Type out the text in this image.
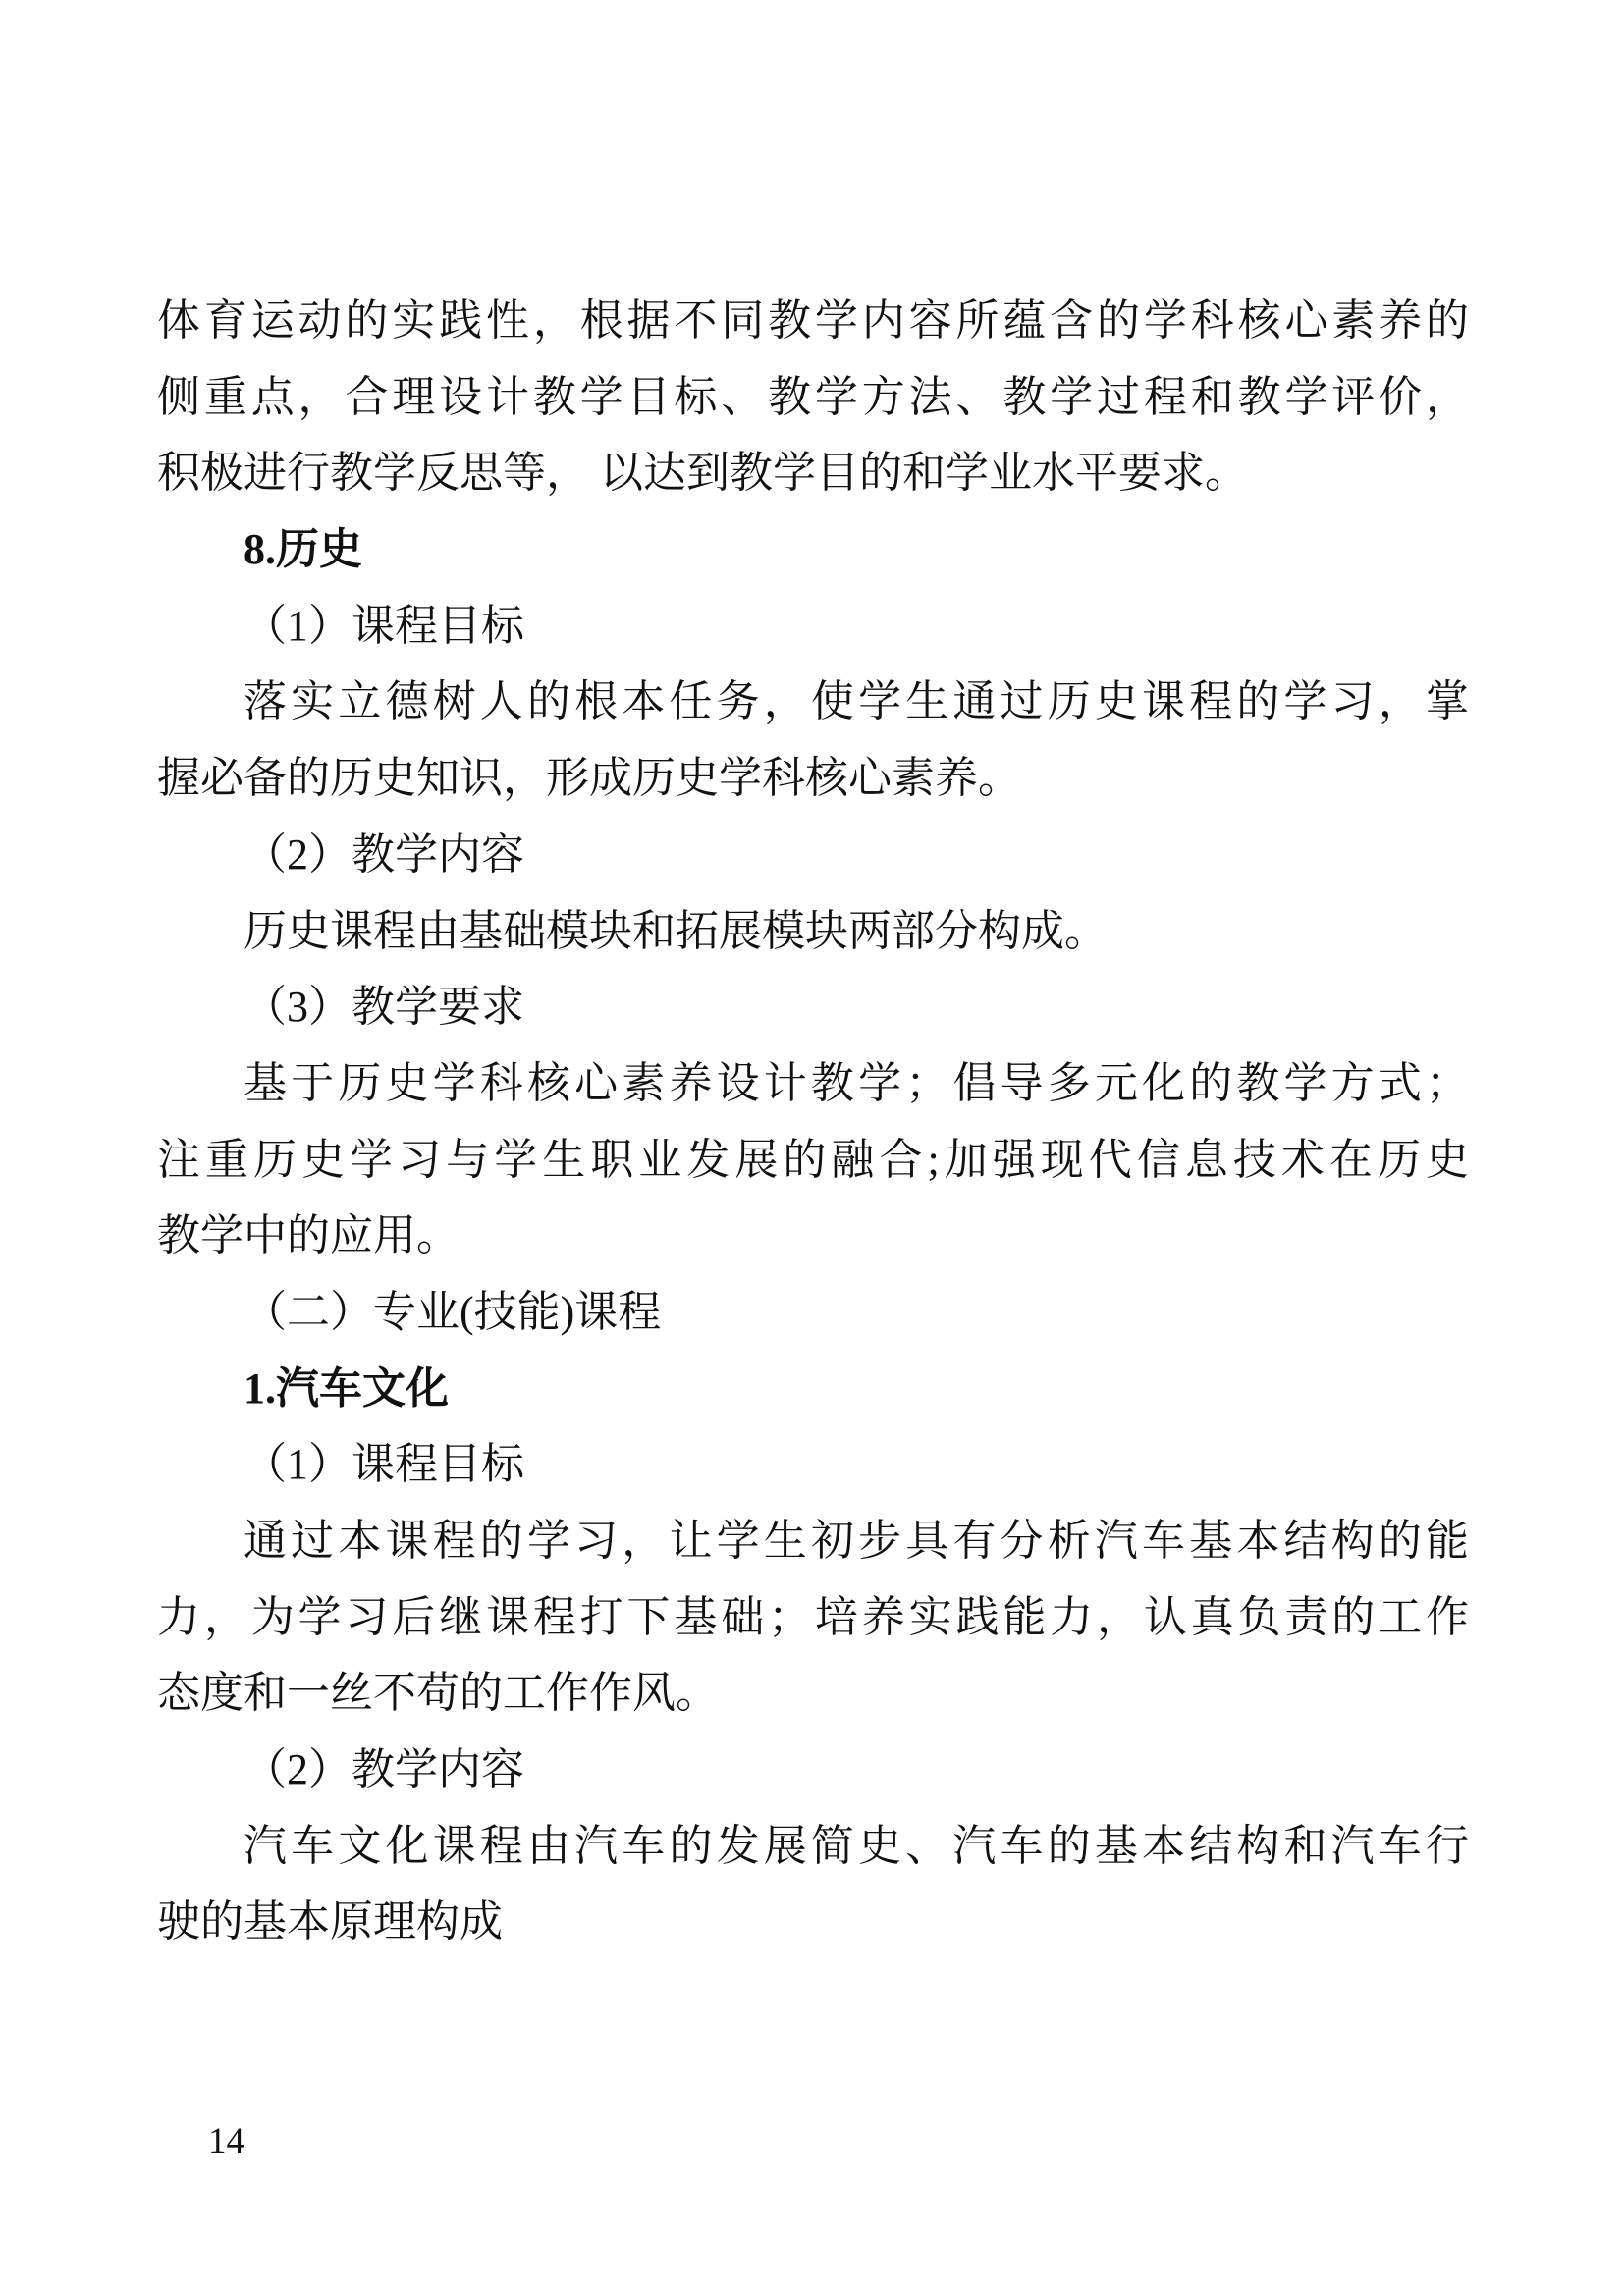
体育运动的实践性，根据不同教学内容所蕴含的学科核心素养的
侧重点，合理设计教学目标、教学方法、教学过程和教学评价，
积极进行教学反思等， 以达到教学目的和学业水平要求。
8.历史
（1）课程目标
落实立德树人的根本任务，使学生通过历史课程的学习，掌
握必备的历史知识，形成历史学科核心素养。
（2）教学内容
历史课程由基础模块和拓展模块两部分构成。
（3）教学要求
基于历史学科核心素养设计教学；倡导多元化的教学方式；
注重历史学习与学生职业发展的融合;加强现代信息技术在历史
教学中的应用。
（二）专业(技能)课程
1.汽车文化
（1）课程目标
通过本课程的学习，让学生初步具有分析汽车基本结构的能
力，为学习后继课程打下基础；培养实践能力，认真负责的工作
态度和一丝不苟的工作作风。
（2）教学内容
汽车文化课程由汽车的发展简史、汽车的基本结构和汽车行
驶的基本原理构成
14
